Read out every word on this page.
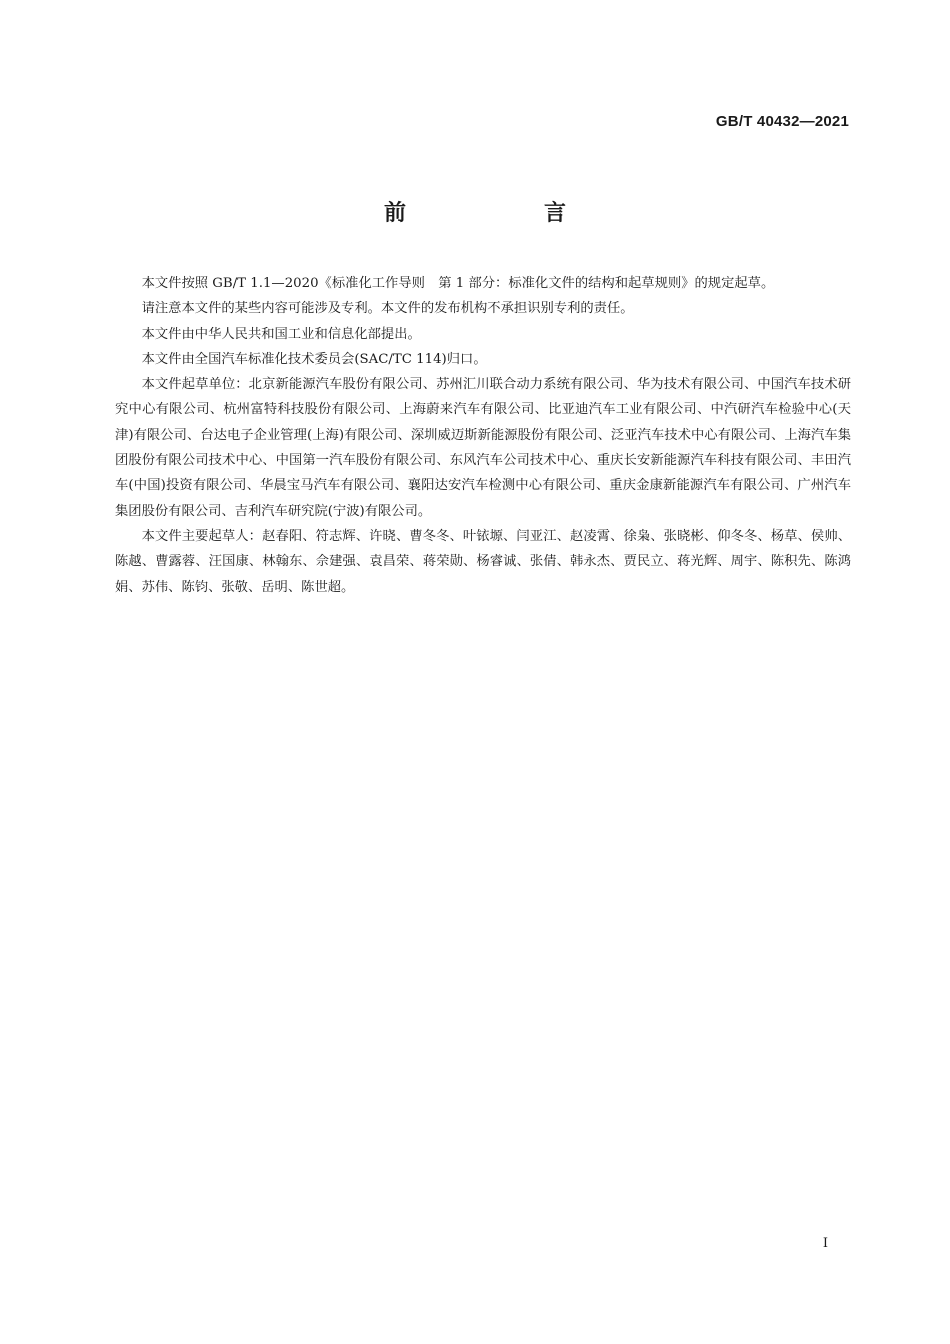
GB/T 40432—2021
前　言

本文件按照 GB/T 1.1—2020《标准化工作导则　第 1 部分：标准化文件的结构和起草规则》的规定起草。

请注意本文件的某些内容可能涉及专利。本文件的发布机构不承担识别专利的责任。

本文件由中华人民共和国工业和信息化部提出。

本文件由全国汽车标准化技术委员会(SAC/TC 114)归口。

本文件起草单位：北京新能源汽车股份有限公司、苏州汇川联合动力系统有限公司、华为技术有限公司、中国汽车技术研究中心有限公司、杭州富特科技股份有限公司、上海蔚来汽车有限公司、比亚迪汽车工业有限公司、中汽研汽车检验中心(天津)有限公司、台达电子企业管理(上海)有限公司、深圳威迈斯新能源股份有限公司、泛亚汽车技术中心有限公司、上海汽车集团股份有限公司技术中心、中国第一汽车股份有限公司、东风汽车公司技术中心、重庆长安新能源汽车科技有限公司、丰田汽车(中国)投资有限公司、华晨宝马汽车有限公司、襄阳达安汽车检测中心有限公司、重庆金康新能源汽车有限公司、广州汽车集团股份有限公司、吉利汽车研究院(宁波)有限公司。

本文件主要起草人：赵春阳、符志辉、许晓、曹冬冬、叶铱塬、闫亚江、赵凌霄、徐枭、张晓彬、仰冬冬、杨草、侯帅、陈越、曹露蓉、汪国康、林翰东、佘建强、袁昌荣、蒋荣勋、杨睿诚、张倩、韩永杰、贾民立、蒋光辉、周宇、陈积先、陈鸿娟、苏伟、陈钧、张敬、岳明、陈世超。

I
